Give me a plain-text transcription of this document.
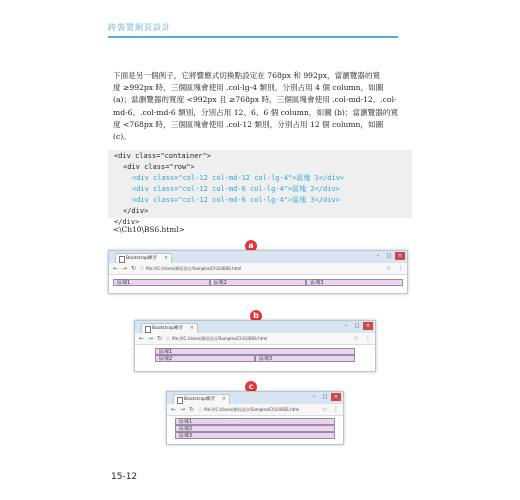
跨裝置網頁設計
下面是另一個例子，它將響應式切換點設定在 768px 和 992px，當瀏覽器的寬
度 ≥992px 時，三個區塊會使用 .col-lg-4 類別，分別占用 4 個 column，如圖
(a)；當瀏覽器的寬度 <992px 且 ≥768px 時，三個區塊會使用 .col-md-12、.col-
md-6、.col-md-6 類別，分別占用 12、6、6 個 column，如圖 (b)；當瀏覽器的寬
度 <768px 時，三個區塊會使用 .col-12 類別，分別占用 12 個 column，如圖
(c)。
<div class="container">
<div class="row">
<div class="col-12 col-md-12 col-lg-4">區塊 1</div>
<div class="col-12 col-md-6 col-lg-4">區塊 2</div>
<div class="col-12 col-md-6 col-lg-4">區塊 3</div>
</div>
</div>
<\Ch10\BS6.html>
a
Bootstrap練習 ×	–	□	×
← → ↻ ⓘ file:///C:/Users/網頁設計/Samples/Ch10/BS6.html	☆ ⋮
區塊1	區塊2	區塊3
b
Bootstrap練習 ×	–	□	×
← → ↻ ⓘ file:///C:/Users/網頁設計/Samples/Ch10/BS6.html	☆ ⋮
區塊1
區塊2	區塊3
c
Bootstrap練習 ×	–	□	×
← → ↻ ⓘ file:///C:/Users/網頁設計/Samples/Ch10/BS6.html	☆ ⋮
區塊1
區塊2
區塊3
15-12
